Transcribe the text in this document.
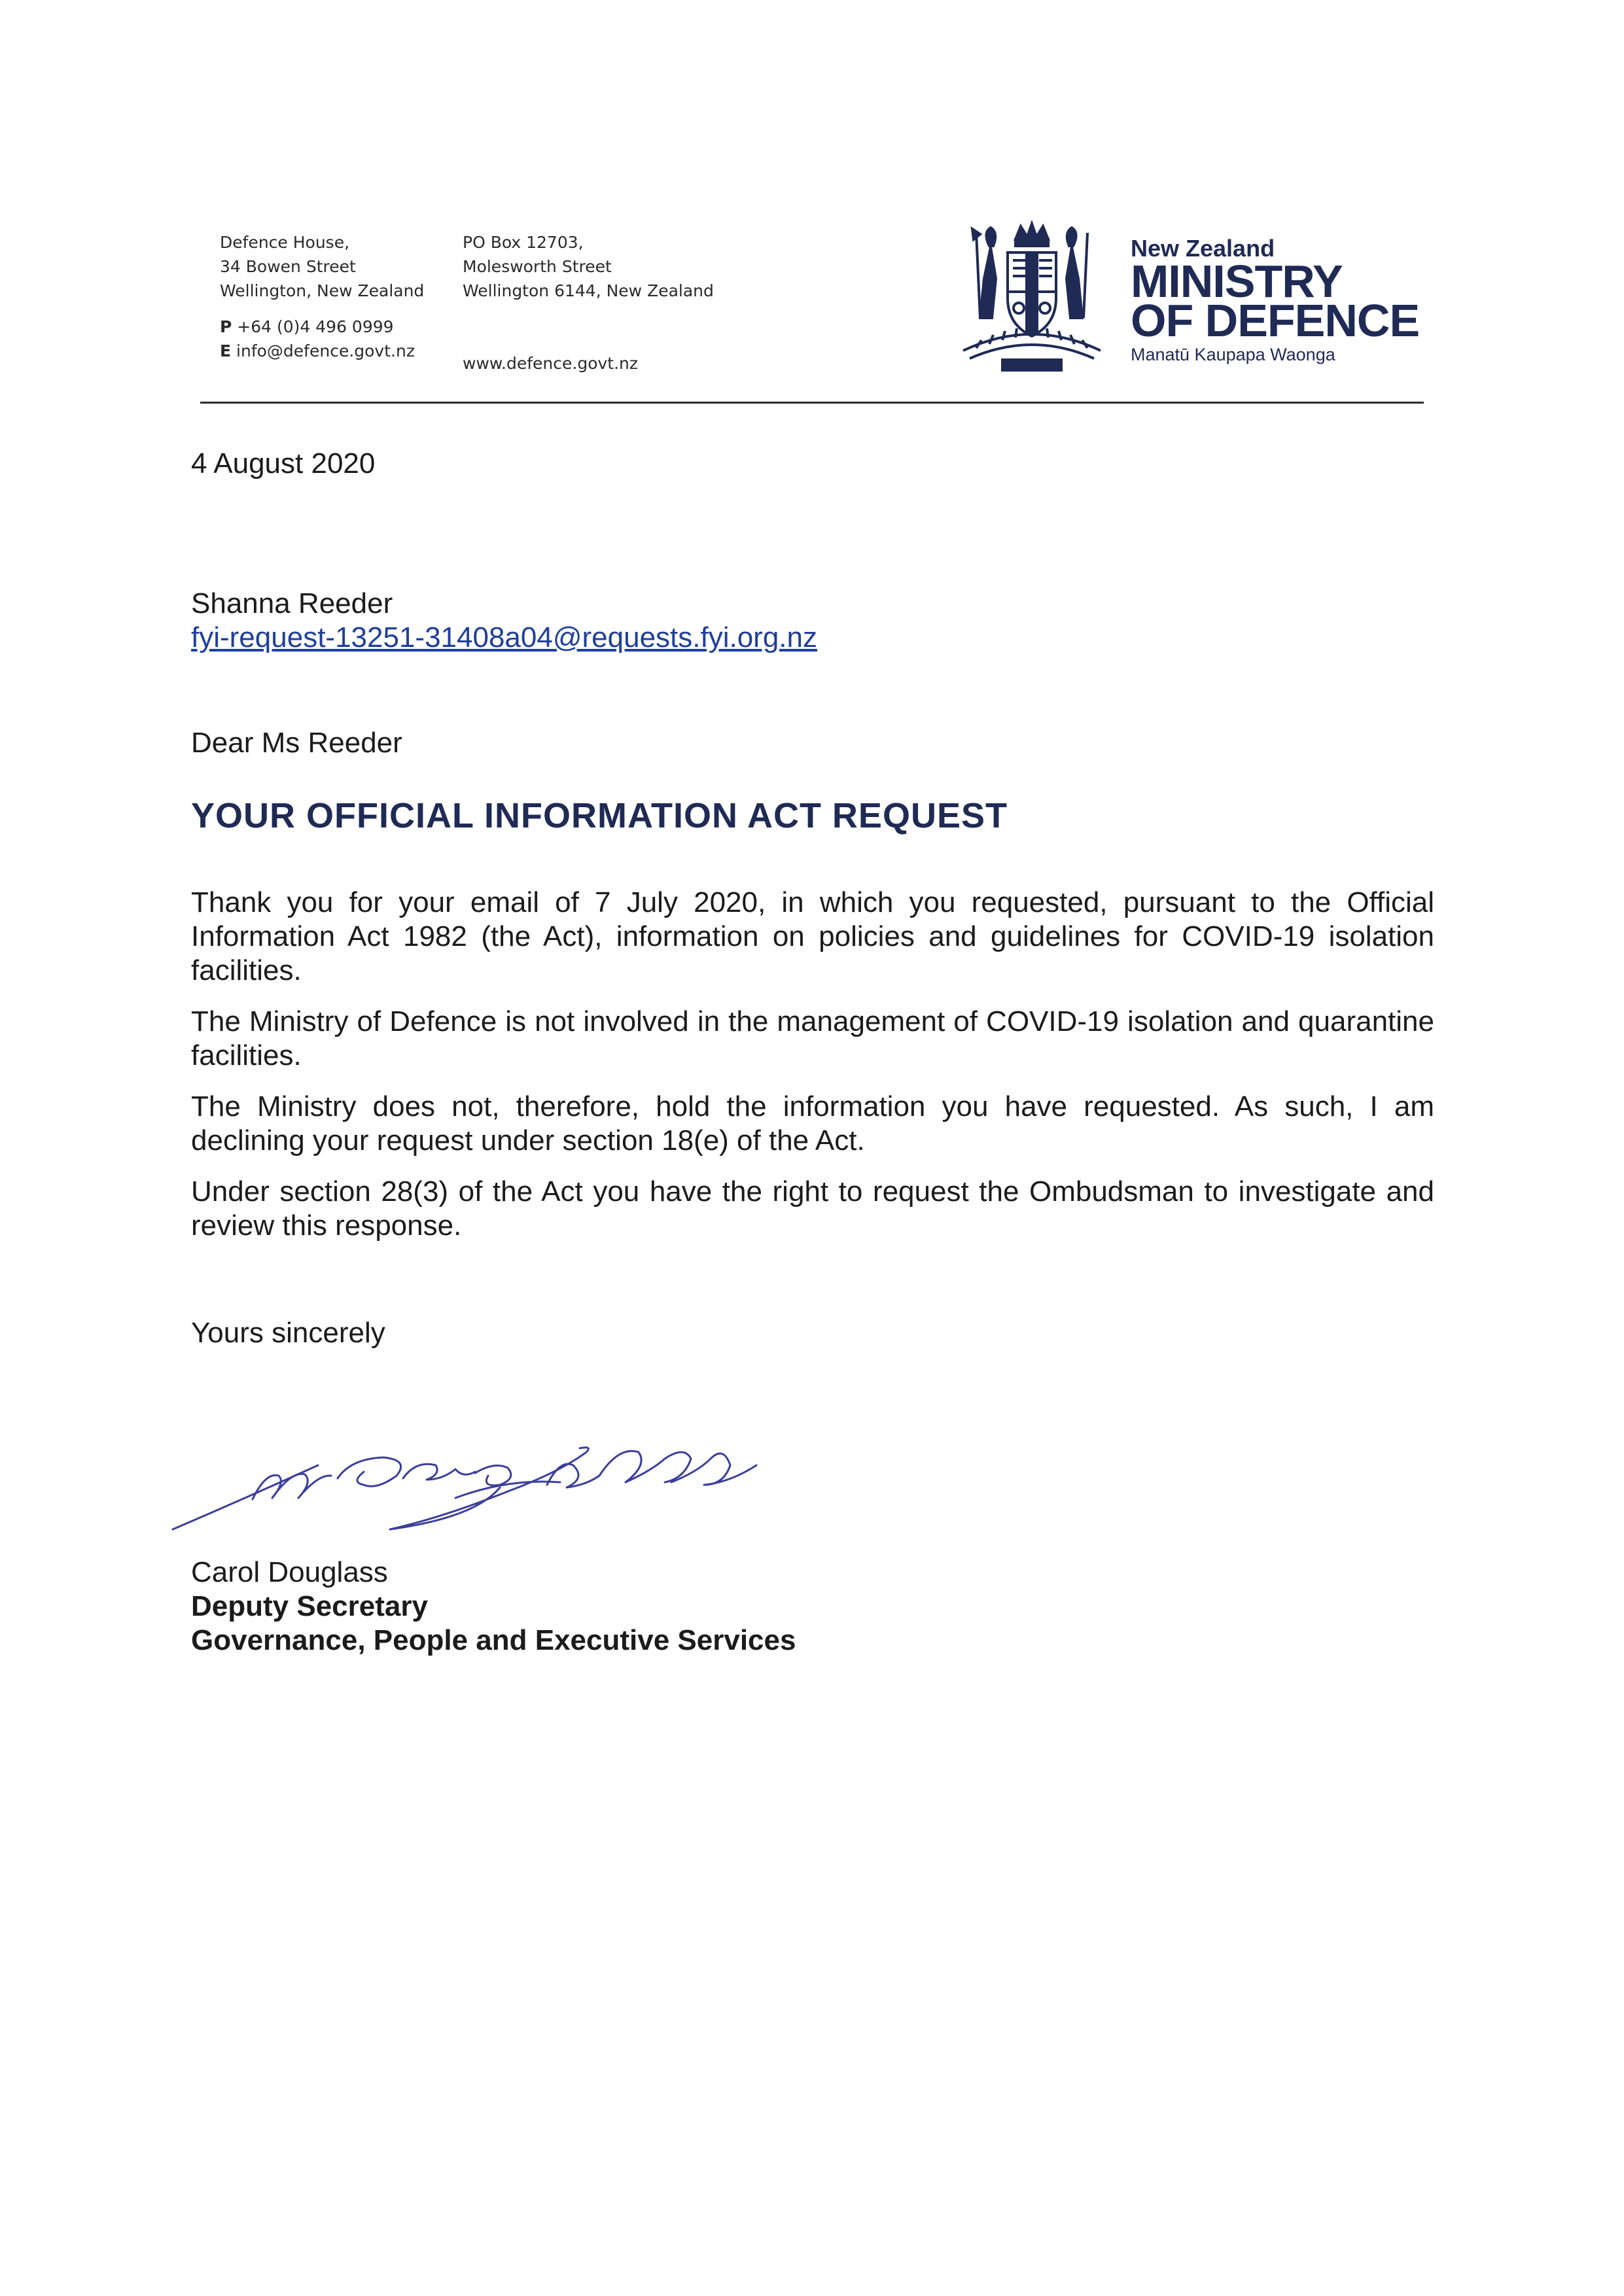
Defence House,
34 Bowen Street
Wellington, New Zealand
P +64 (0)4 496 0999
E info@defence.govt.nz
PO Box 12703,
Molesworth Street
Wellington 6144, New Zealand
www.defence.govt.nz
New Zealand
MINISTRY
OF DEFENCE
Manatū Kaupapa Waonga
4 August 2020
Shanna Reeder
fyi-request-13251-31408a04@requests.fyi.org.nz
Dear Ms Reeder
YOUR OFFICIAL INFORMATION ACT REQUEST

Thank you for your email of 7 July 2020, in which you requested, pursuant to the Official Information Act 1982 (the Act), information on policies and guidelines for COVID-19 isolation facilities.

The Ministry of Defence is not involved in the management of COVID-19 isolation and quarantine facilities.

The Ministry does not, therefore, hold the information you have requested. As such, I am declining your request under section 18(e) of the Act.

Under section 28(3) of the Act you have the right to request the Ombudsman to investigate and review this response.

Yours sincerely
Carol Douglass
Deputy Secretary
Governance, People and Executive Services
